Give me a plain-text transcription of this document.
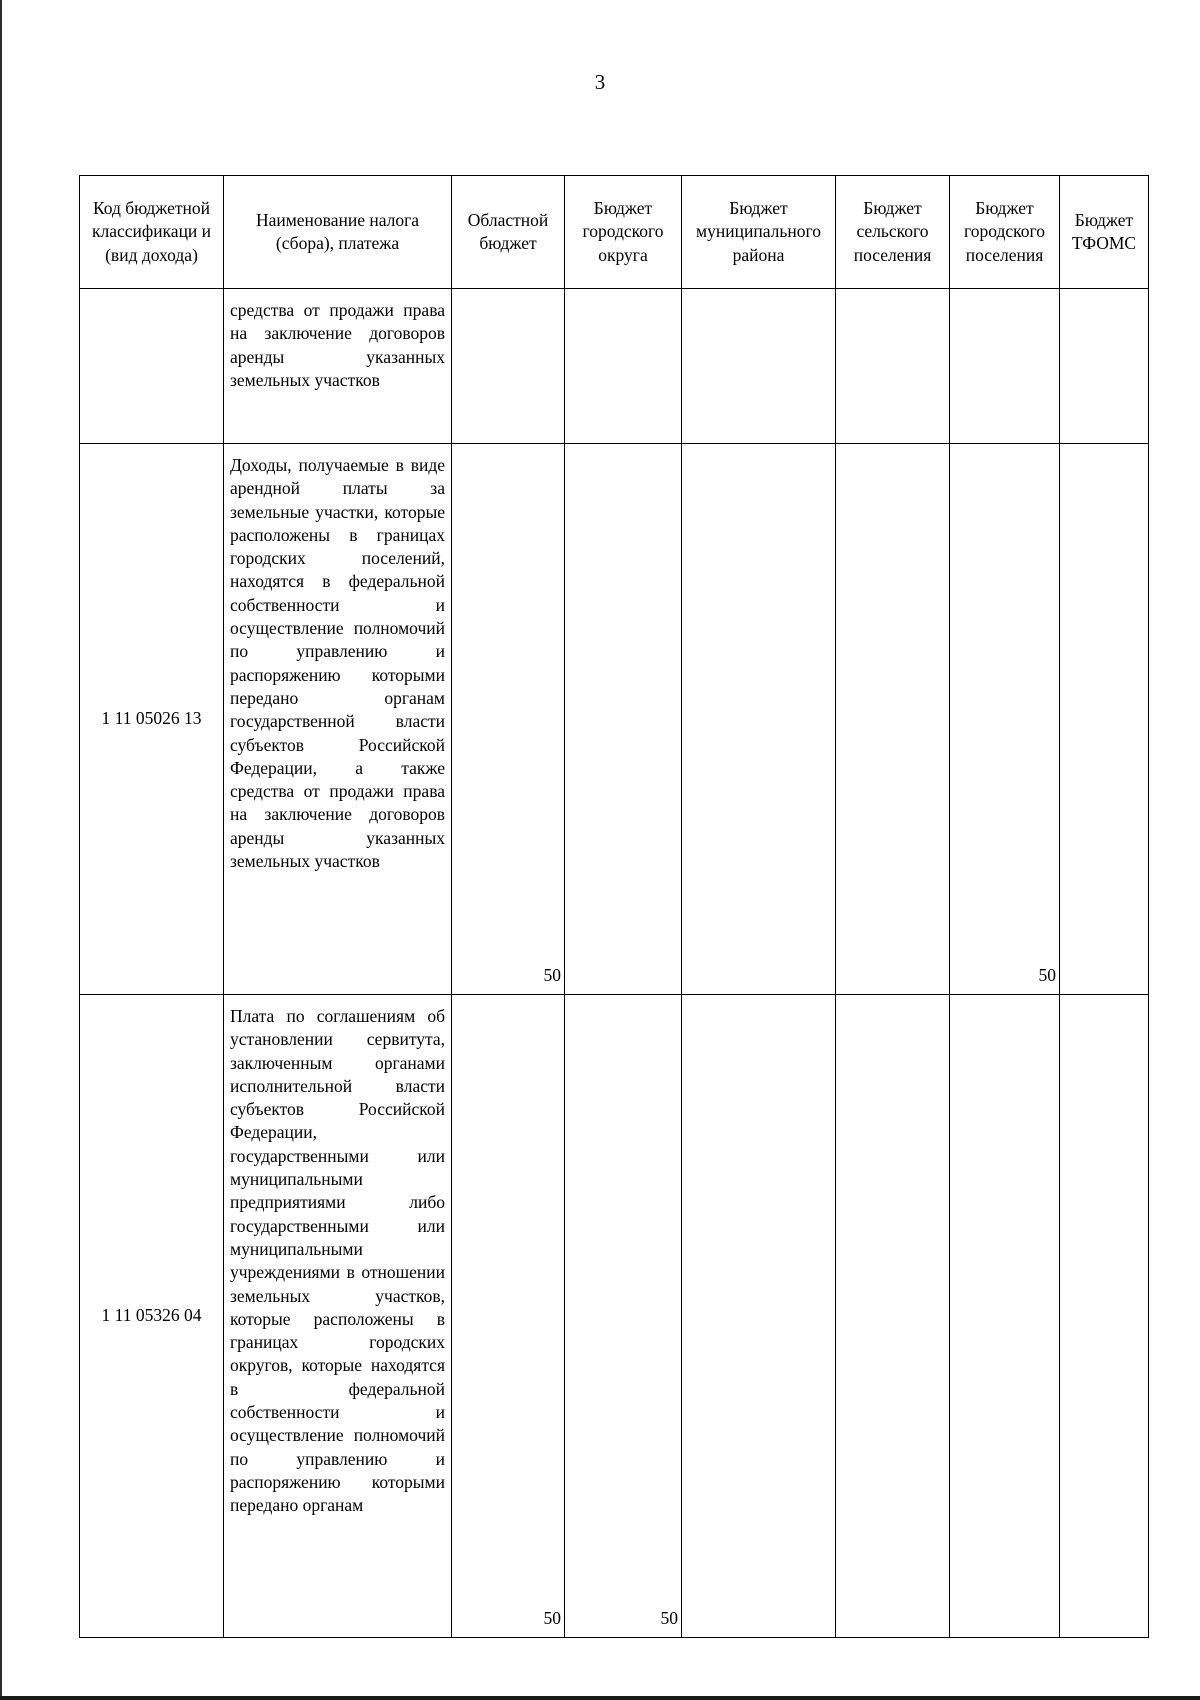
3
Код бюджетной классификаци и (вид дохода)	Наименование налога (сбора), платежа	Областной бюджет	Бюджет городского округа	Бюджет муниципального района	Бюджет сельского поселения	Бюджет городского поселения	Бюджет ТФОМС

	средства от продажи права на заключение договоров аренды указанных земельных участков						

1 11 05026 13	Доходы, получаемые в виде арендной платы за земельные участки, которые расположены в границах городских поселений, находятся в федеральной собственности и осуществление полномочий по управлению и распоряжению которыми передано органам государственной власти субъектов Российской Федерации, а также средства от продажи права на заключение договоров аренды указанных земельных участков	50				50	
1 11 05326 04	Плата по соглашениям об установлении сервитута, заключенным органами исполнительной власти субъектов Российской Федерации, государственными или муниципальными предприятиями либо государственными или муниципальными учреждениями в отношении земельных участков, которые расположены в границах городских округов, которые находятся в федеральной собственности и осуществление полномочий по управлению и распоряжению которыми передано органам	50	50				
